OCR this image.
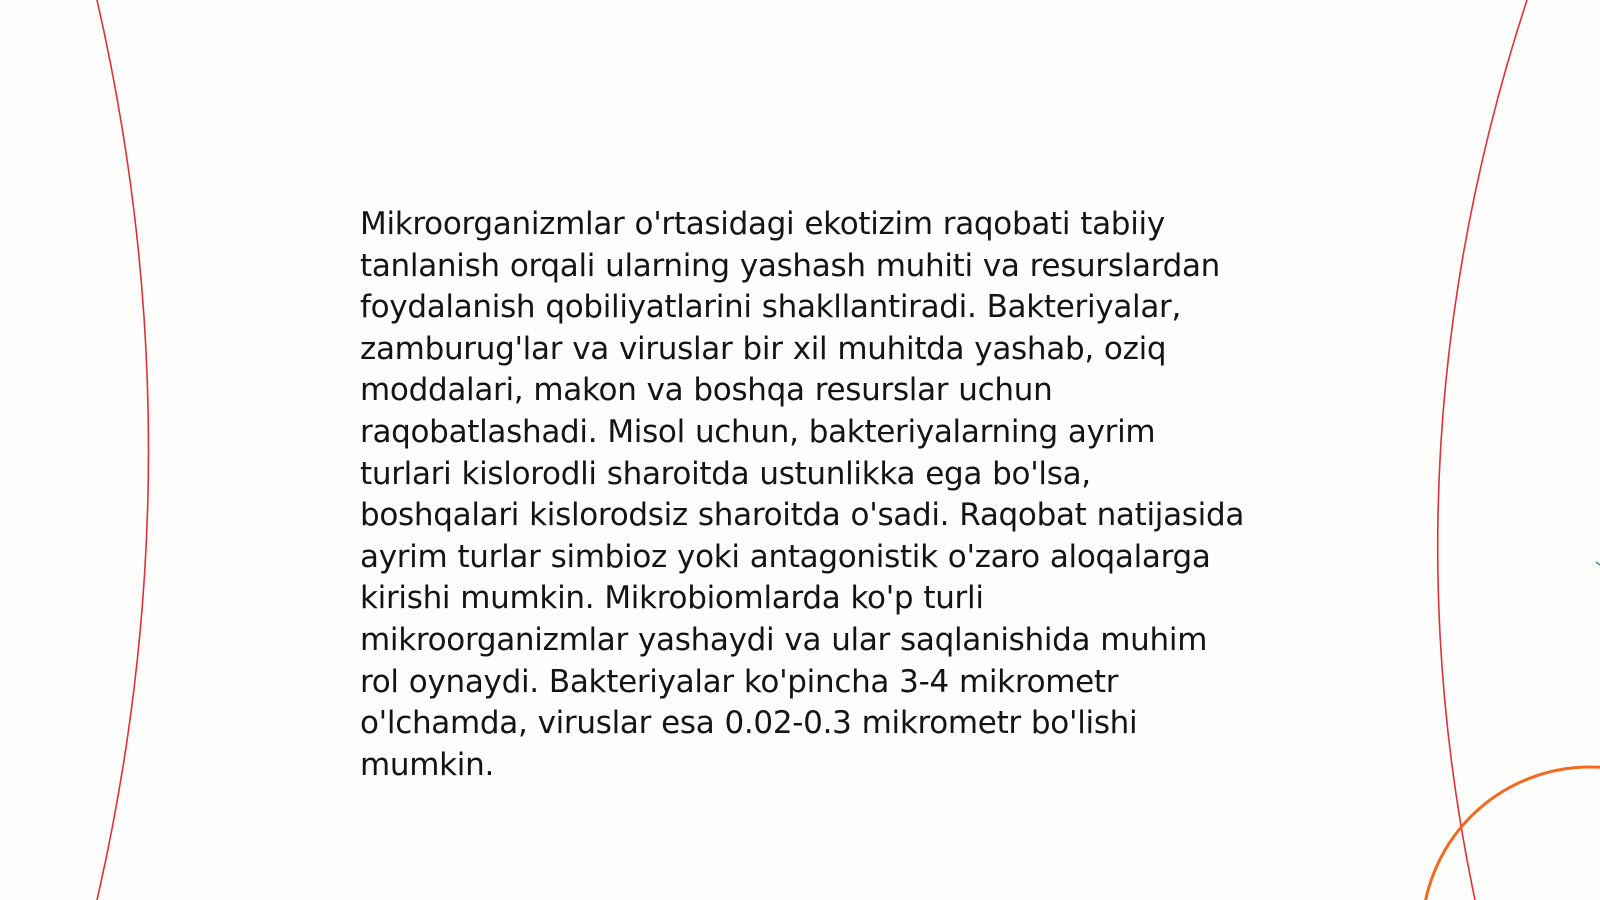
Mikroorganizmlar o'rtasidagi ekotizim raqobati tabiiy tanlanish orqali ularning yashash muhiti va resurslardan foydalanish qobiliyatlarini shakllantiradi. Bakteriyalar, zamburug'lar va viruslar bir xil muhitda yashab, oziq moddalari, makon va boshqa resurslar uchun raqobatlashadi. Misol uchun, bakteriyalarning ayrim turlari kislorodli sharoitda ustunlikka ega bo'lsa, boshqalari kislorodsiz sharoitda o'sadi. Raqobat natijasida ayrim turlar simbioz yoki antagonistik o'zaro aloqalarga kirishi mumkin. Mikrobiomlarda ko'p turli mikroorganizmlar yashaydi va ular saqlanishida muhim rol oynaydi. Bakteriyalar ko'pincha 3-4 mikrometr o'lchamda, viruslar esa 0.02-0.3 mikrometr bo'lishi mumkin.
